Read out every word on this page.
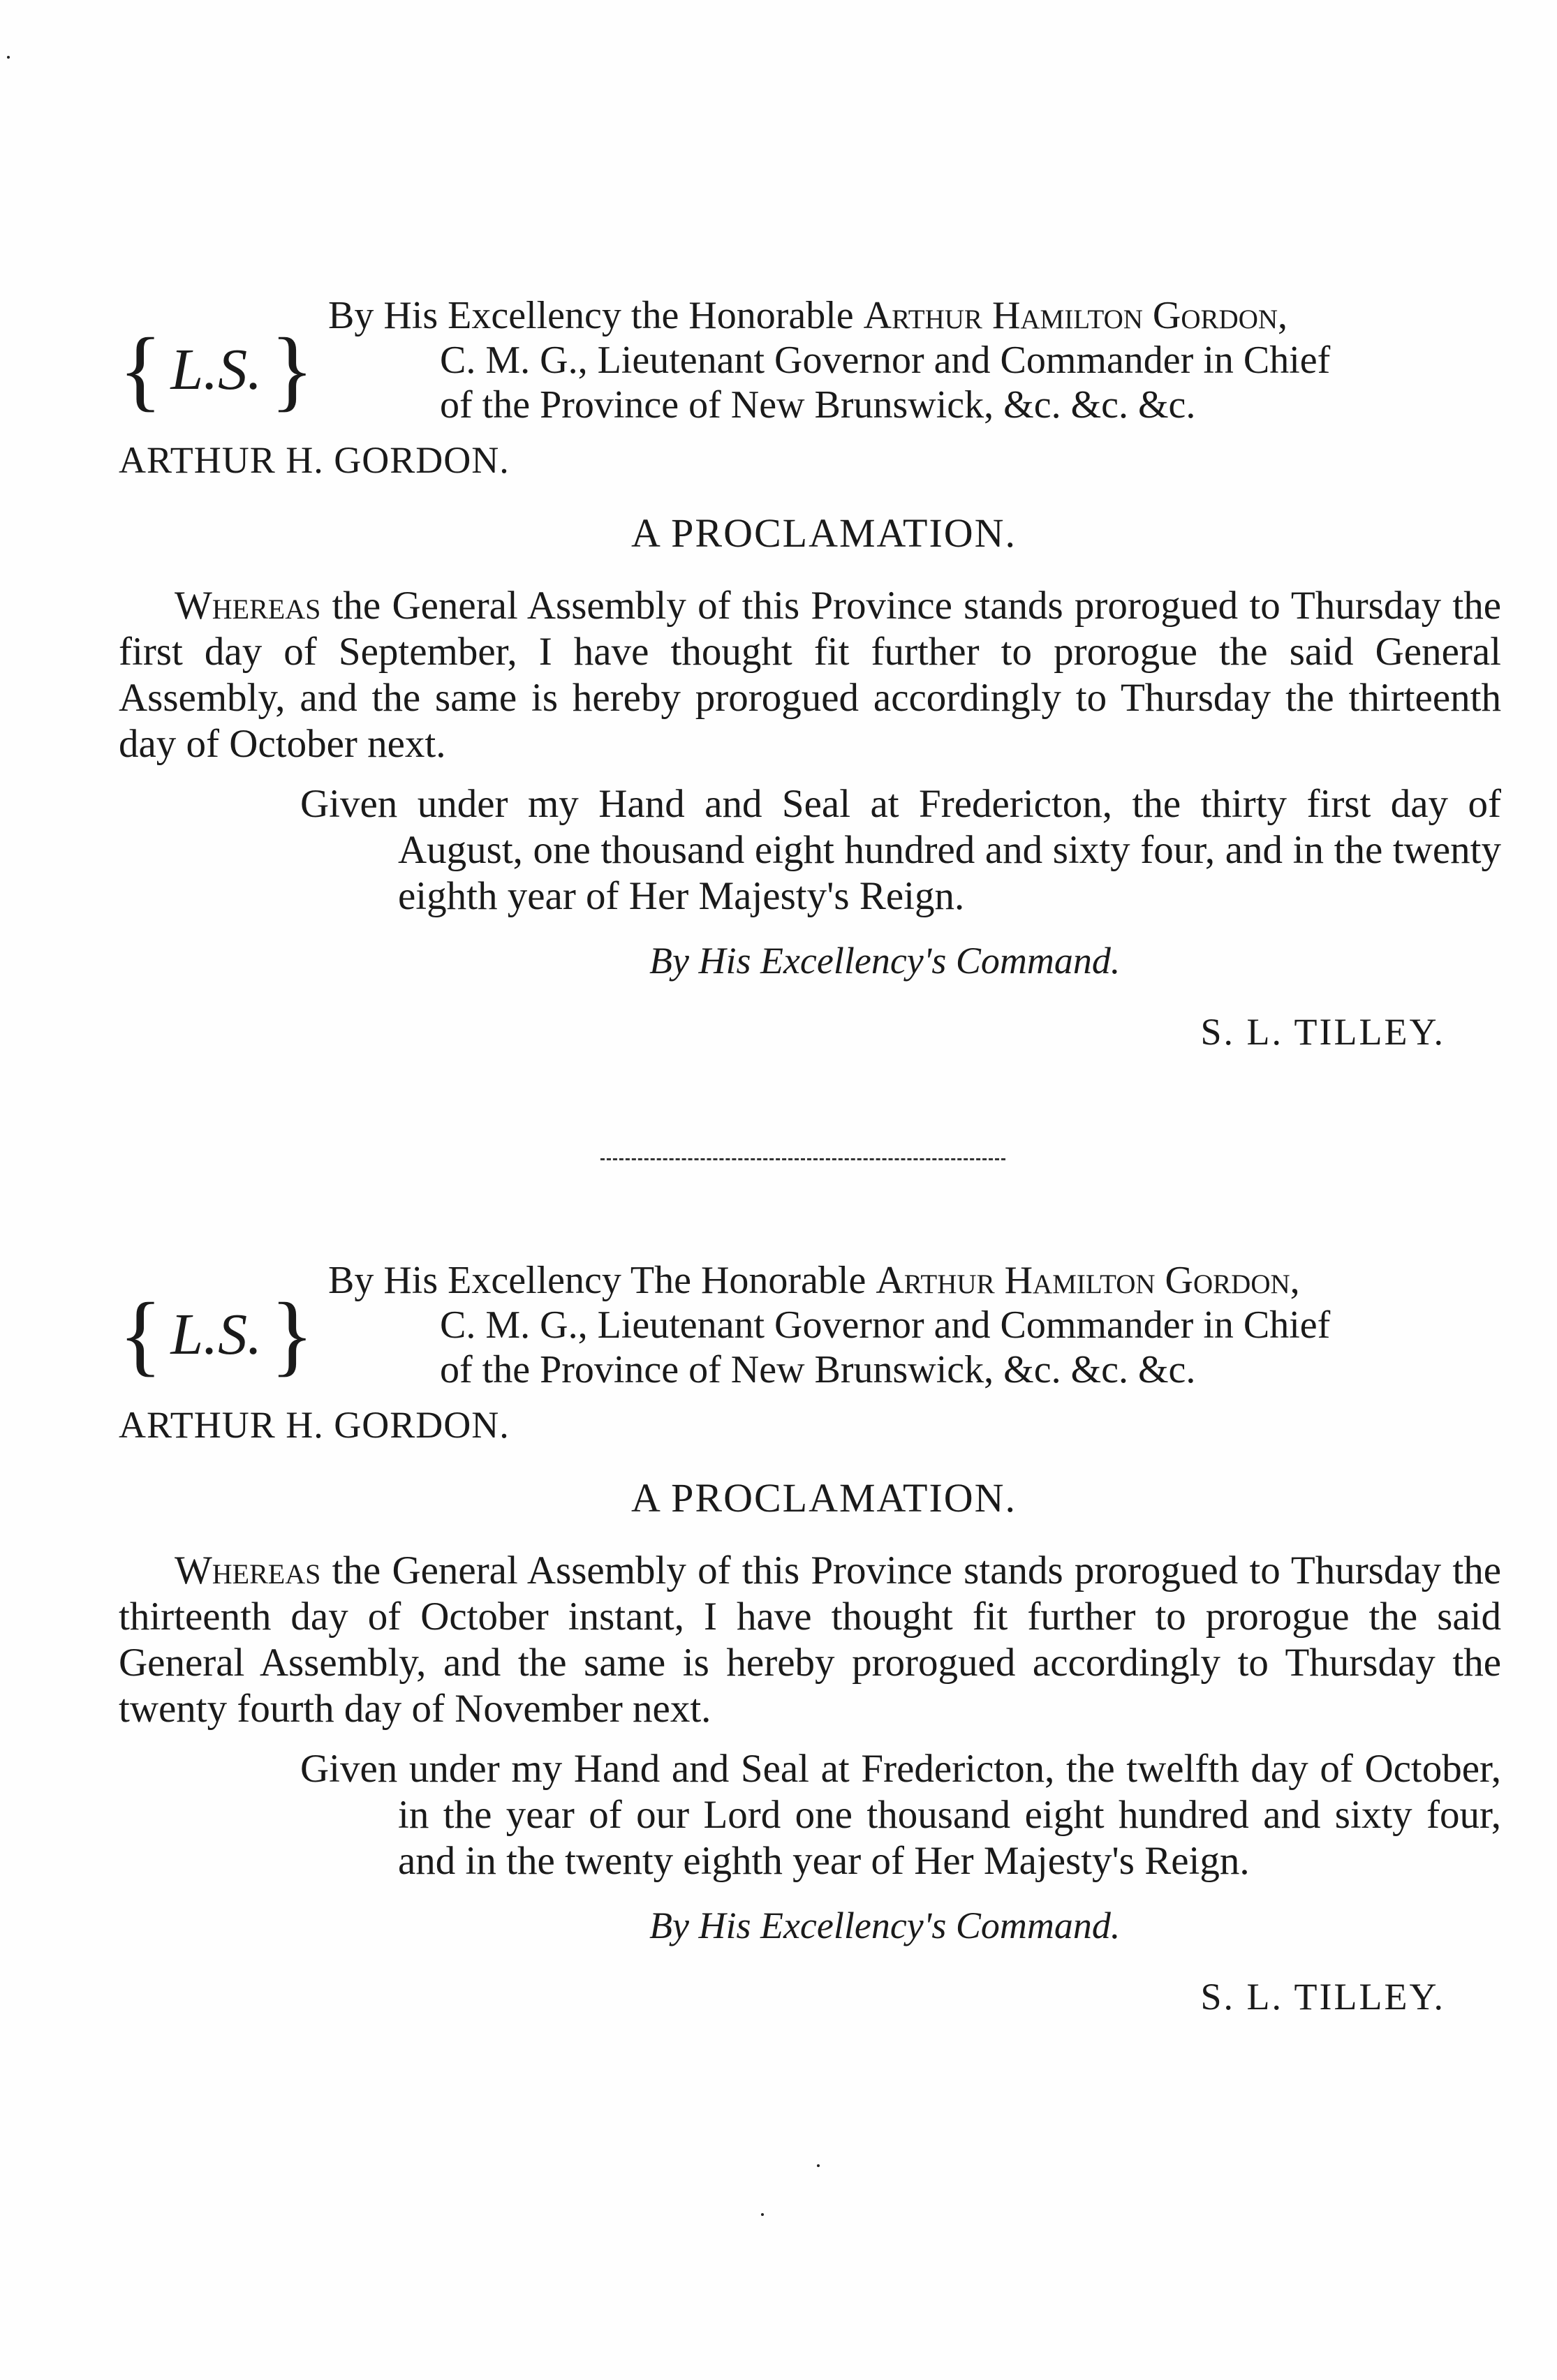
{ L.S.}
By His Excellency the Honorable Arthur Hamilton Gordon,
C. M. G., Lieutenant Governor and Commander in Chief
of the Province of New Brunswick, &c. &c. &c.
ARTHUR H. GORDON.
A PROCLAMATION.
Whereas the General Assembly of this Province stands prorogued to Thursday the first day of September, I have thought fit further to prorogue the said General Assembly, and the same is hereby prorogued accordingly to Thursday the thirteenth day of October next.
Given under my Hand and Seal at Fredericton, the thirty first day of August, one thousand eight hundred and sixty four, and in the twenty eighth year of Her Majesty's Reign.
By His Excellency's Command.
S. L. TILLEY.
{ L.S.}
By His Excellency The Honorable Arthur Hamilton Gordon,
C. M. G., Lieutenant Governor and Commander in Chief
of the Province of New Brunswick, &c. &c. &c.
ARTHUR H. GORDON.
A PROCLAMATION.
Whereas the General Assembly of this Province stands prorogued to Thursday the thirteenth day of October instant, I have thought fit further to prorogue the said General Assembly, and the same is hereby prorogued accordingly to Thursday the twenty fourth day of November next.
Given under my Hand and Seal at Fredericton, the twelfth day of October, in the year of our Lord one thousand eight hundred and sixty four, and in the twenty eighth year of Her Majesty's Reign.
By His Excellency's Command.
S. L. TILLEY.
